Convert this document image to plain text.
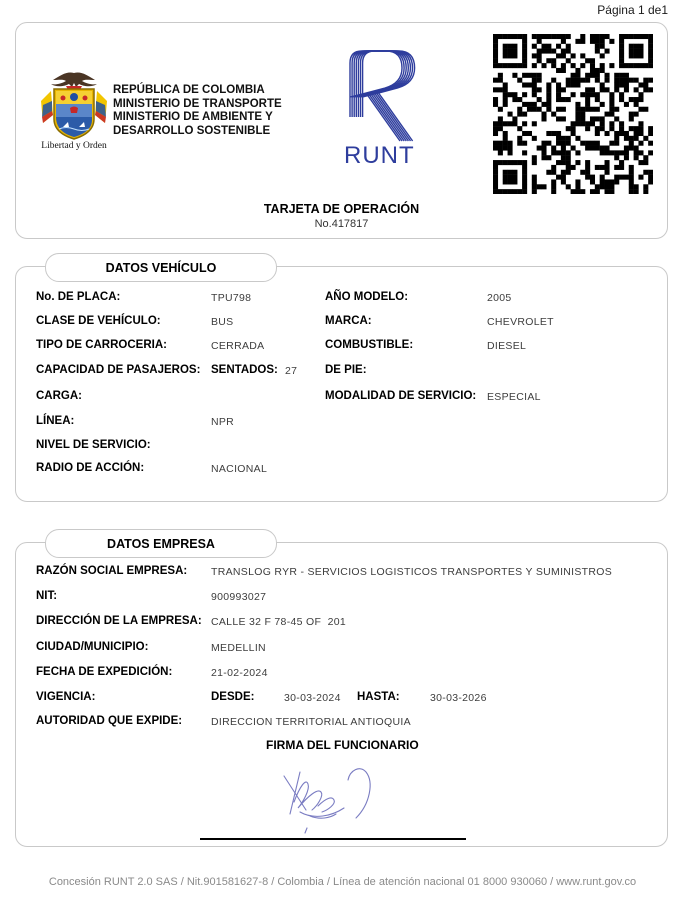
Página 1 de1
Libertad y Orden
REPÚBLICA DE COLOMBIA
MINISTERIO DE TRANSPORTE
MINISTERIO DE AMBIENTE Y
DESARROLLO SOSTENIBLE
RUNT
TARJETA DE OPERACIÓN
No.417817
DATOS VEHÍCULO
No. DE PLACA:	TPU798	AÑO MODELO:	2005
CLASE DE VEHÍCULO:	BUS	MARCA:	CHEVROLET
TIPO DE CARROCERIA:	CERRADA	COMBUSTIBLE:	DIESEL
CAPACIDAD DE PASAJEROS: SENTADOS: 27 DE PIE:
CARGA:	MODALIDAD DE SERVICIO: ESPECIAL
LÍNEA:	NPR
NIVEL DE SERVICIO:
RADIO DE ACCIÓN:	NACIONAL
DATOS EMPRESA
RAZÓN SOCIAL EMPRESA: TRANSLOG RYR - SERVICIOS LOGISTICOS TRANSPORTES Y SUMINISTROS
NIT:	900993027
DIRECCIÓN DE LA EMPRESA: CALLE 32 F 78-45 OF  201
CIUDAD/MUNICIPIO:	MEDELLIN
FECHA DE EXPEDICIÓN:	21-02-2024
VIGENCIA:	DESDE:	30-03-2024 HASTA:	30-03-2026
AUTORIDAD QUE EXPIDE:	DIRECCION TERRITORIAL ANTIOQUIA
FIRMA DEL FUNCIONARIO
Concesión RUNT 2.0 SAS / Nit.901581627-8 / Colombia / Línea de atención nacional 01 8000 930060 / www.runt.gov.co
